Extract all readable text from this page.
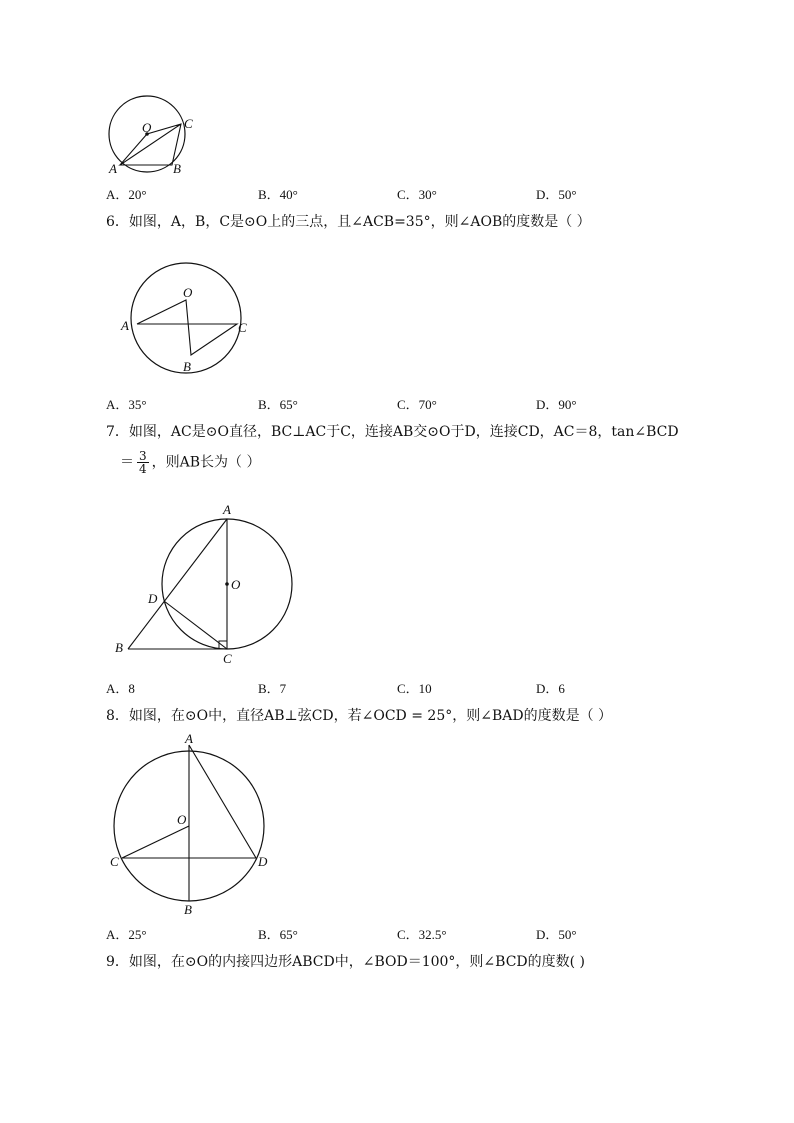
O	C
A	B
A．20°	B．40°	C．30°	D．50°
6．如图，A，B，C是⊙O上的三点，且∠ACB=35°，则∠AOB的度数是（ ）
O
A	C
B
A．35°	B．65°	C．70°	D．90°
7．如图，AC是⊙O直径，BC⊥AC于C，连接AB交⊙O于D，连接CD，AC＝8，tan∠BCD
＝ $\frac{3}{4}$ ，则AB长为（ ）
A
O
D
B
C
A．8	B．7	C．10	D．6
8．如图，在⊙O中，直径AB⊥弦CD，若∠OCD = 25°，则∠BAD的度数是（ ）
A
O
C	D
B
A．25°	B．65°	C．32.5°	D．50°
9．如图，在⊙O的内接四边形ABCD中，∠BOD＝100°，则∠BCD的度数( )
